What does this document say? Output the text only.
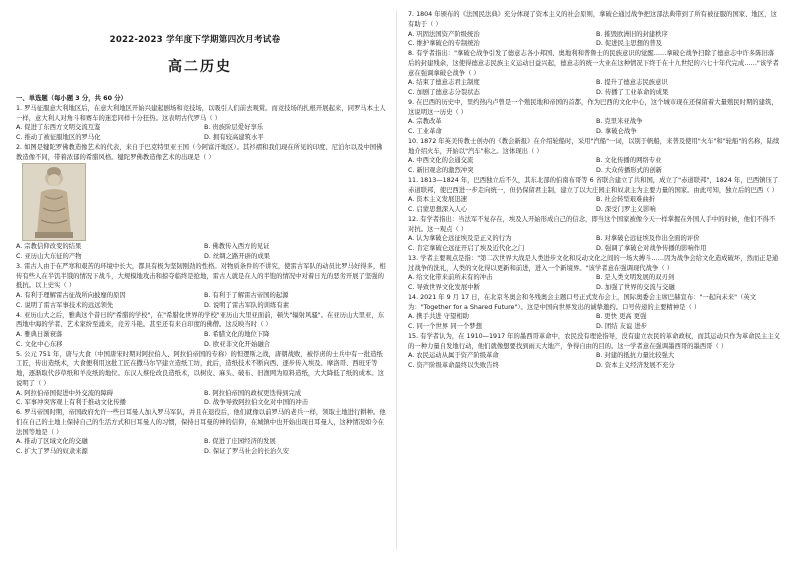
2022-2023 学年度下学期第四次月考试卷
高二历史
一、单选题（每小题 3 分，共 60 分）
1. 罗马征服意大利地区后，在意大利地区开始兴建起剧场和竞技场，以吸引人们前去观赏。而竞技场的扎根开展起来，同罗马本土人一样，意大利人对角斗和赛车的迷恋同样十分狂热。这表明古代罗马（ ）
A. 促进了东西方文明交流互鉴	B. 贵族阶层爱好享乐
C. 推动了被征服地区的罗马化	D. 拥有较高建筑水平
2. 如图是犍陀罗佛教造像艺术的代表，来自于巴克特里亚王国（今阿富汗地区）。其衫褶和我们现在所见的印度、尼泊尔以及中国佛教造像不同，带着浓郁的希腊风格。犍陀罗佛教造像艺术的出现是（ ）
A. 宗教信仰改变的结果	B. 佛教传入西方的见证
C. 亚历山大东征的产物	D. 丝绸之路开辟的成果
3. 雷古人由于在严寒和艰苦的环境中长大，都具有极为坚韧刚劲的性格。对物质条件的不讲究，使雷古军队的动员比罗马好得多，相传有些人在半饥半饿的情况下战斗，大规模地攻击和掠夺临终是抢地，雷古人就是在人的半饱的情况中对着日光的恶劣开展了坚强的抵抗。以上史实（ ）
A. 有利于理解雷古征战所向披靡的原因	B. 有利于了解雷古帝国的起源
C. 说明了雷古军事技术的远远领先	D. 说明了雷古军队的训练有素
4. 亚历山大之后，雅典这个昔日的"希腊的学校"，在"希腊化世界的学校"亚历山大里亚面前，顿失"辐射风骚"。在亚历山大里亚，东西地中海的学者、艺术家纷至涌来，竞芳斗艳。甚至还有来自印度的佛僧。这反映当时（ ）
A. 雅典日渐衰落	B. 希腊文化的地位下降
C. 文化中心东移	D. 欧亚非文化开始融合
5. 公元 751 年，唐与大食（中国唐宋时期对阿拉伯人、阿拉伯帝国的专称）的怛逻斯之战，唐朝战败，被俘虏的士兵中有一批造纸工匠，传出造纸术，大食便利用这批工匠在撒马尔罕建立造纸工坊，此后，造纸技术不断向西、逐步传入埃及、摩洛哥、西班牙等地，逐渐取代莎草纸和羊皮纸的地位。东汉人蔡伦改良造纸术，以树皮、麻头、破布、旧渔网为原料造纸，大大降低了纸的成本。这说明了（ ）
A. 阿拉伯帝国促进中外交流的障碍	B. 阿拉伯帝国的政权更迭得到完成
C. 军事冲突客观上有利于推动文化传播	D. 战争导致阿拉伯文化对中国的冲击
6. 罗马帝国时期，帝国政府允许一些日耳曼人加入罗马军队，并且在退役后，他们就像以前罗马的老兵一样，领取土地进行耕种。他们在自己的土地上保持自己的生活方式和日耳曼人的习惯，保持日耳曼的神的信仰，在城镇中也开始出现日耳曼人，这种情况如今在法国等地是（ ）
A. 推动了区域文化的交融	B. 促进了庄园经济的发展
C. 扩大了罗马的奴隶来源	D. 保证了罗马社会的长治久安
7. 1804 年颁布的《法国民法典》充分体现了资本主义的社会原则，拿破仑通过战争把这部法典带到了所有被征服的国家、地区，这有助于（ ）
A. 巩固法国资产阶级统治	B. 摧毁欧洲旧的封建秩序
C. 维护拿破仑的专制统治	D. 促进民主思想的普及
8. 有学者指出："拿破仑战争引发了德意志各小邦国、奥地利和普鲁士的民族意识的觉醒……拿破仑战争扫除了德意志中许多陈旧落后的封建残余，这使得德意志民族主义运动日益兴起，德意志的统一大业在这种情况下终于在十九世纪的六七十年代完成……"该学者意在强调拿破仑战争（ ）
A. 结束了德意志君主制度	B. 提升了德意志民族意识
C. 加剧了德意志分裂状态	D. 传播了工业革命的成果
9. 在巴西的历史中，里约热内卢曾是一个殖民地和帝国的首都，作为巴西的文化中心，这个城市现在还保留着大量殖民时期的建筑，这说明这一历史（ ）
A. 宗教改革	B. 克里米亚战争
C. 工业革命	D. 拿破仑战争
10. 1872 年英美传教士创办的《教会新报》在介绍轮船时，采用"汽船"一词，以别于帆船，来普及使用"火车"和"轮船"的名称，陆续地介绍火车，开始以"汽车"称之。这体现出（ ）
A. 中西文化的会通交流	B. 文化传播的网络专业
C. 新旧观念的激烈冲突	D. 大众传播形式的创新
11. 1813—1824 年，巴西独立后不久，其东北部的伯南布哥等 6 省联合建立了共和国，成立了"赤道联邦"，1824 年，巴西镇压了赤道联邦，使巴西进一步走向统一，但仍保留君主制，建立了以大庄园主和奴隶主为主要力量的国家。由此可知，独立后的巴西（ ）
A. 资本主义发展迅速	B. 社会转型艰难曲折
C. 启蒙思想深入人心	D. 深受门罗主义影响
12. 有学者指出：当法军不复存在，埃及人开始形成自己的信念，即当这个国家被像今天一样掌握在外国人手中的时候，他们不得不对抗。这一观点（ ）
A. 认为拿破仑远征埃及是正义的行为	B. 对拿破仑远征埃及作出全面的评价
C. 肯定拿破仑远征开启了埃及近代化之门	D. 强调了拿破仑对战争传播的影响作用
13. 学者主要观点是指："第二次世界大战是人类进步文化和反动文化之间的一场大搏斗……因为战争会给文化造成破坏，然而正是通过战争的洗礼，人类的文化得以更新和前进，进入一个新境界。"该学者意在强调现代战争（ ）
A. 给文化带来前所未有的冲击	B. 是人类文明发展的双刃剑
C. 导致世界文化发展中断	D. 加强了世界的交流与交融
14. 2021 年 9 月 17 日，在北京冬奥会和冬残奥会主题口号正式发布会上，国际奥委会主席巴赫宣布："一起向未来"（英文为："Together for a Shared Future"）。这是中国向世界发出的诚挚邀约。口号传递的主要精神是（ ）
A. 携手共进 守望相助	B. 更快 更高 更强
C. 同一个世界 同一个梦想	D. 团结 友谊 进步
15. 有学者认为，在 1910—1917 年的墨西哥革命中，农民没有理论指导，没有建立农民的革命政权，而其运动只作为革命民主主义的一种力量自发地行动，他们就像想要找到雨天大地产，争得自由的目的。这一学者意在强调墨西哥的墨西哥（ ）
A. 农民运动从属于资产阶级革命	B. 封建的抵抗力量比较强大
C. 资产阶级革命最终以失败告终	D. 资本主义经济发展不充分
